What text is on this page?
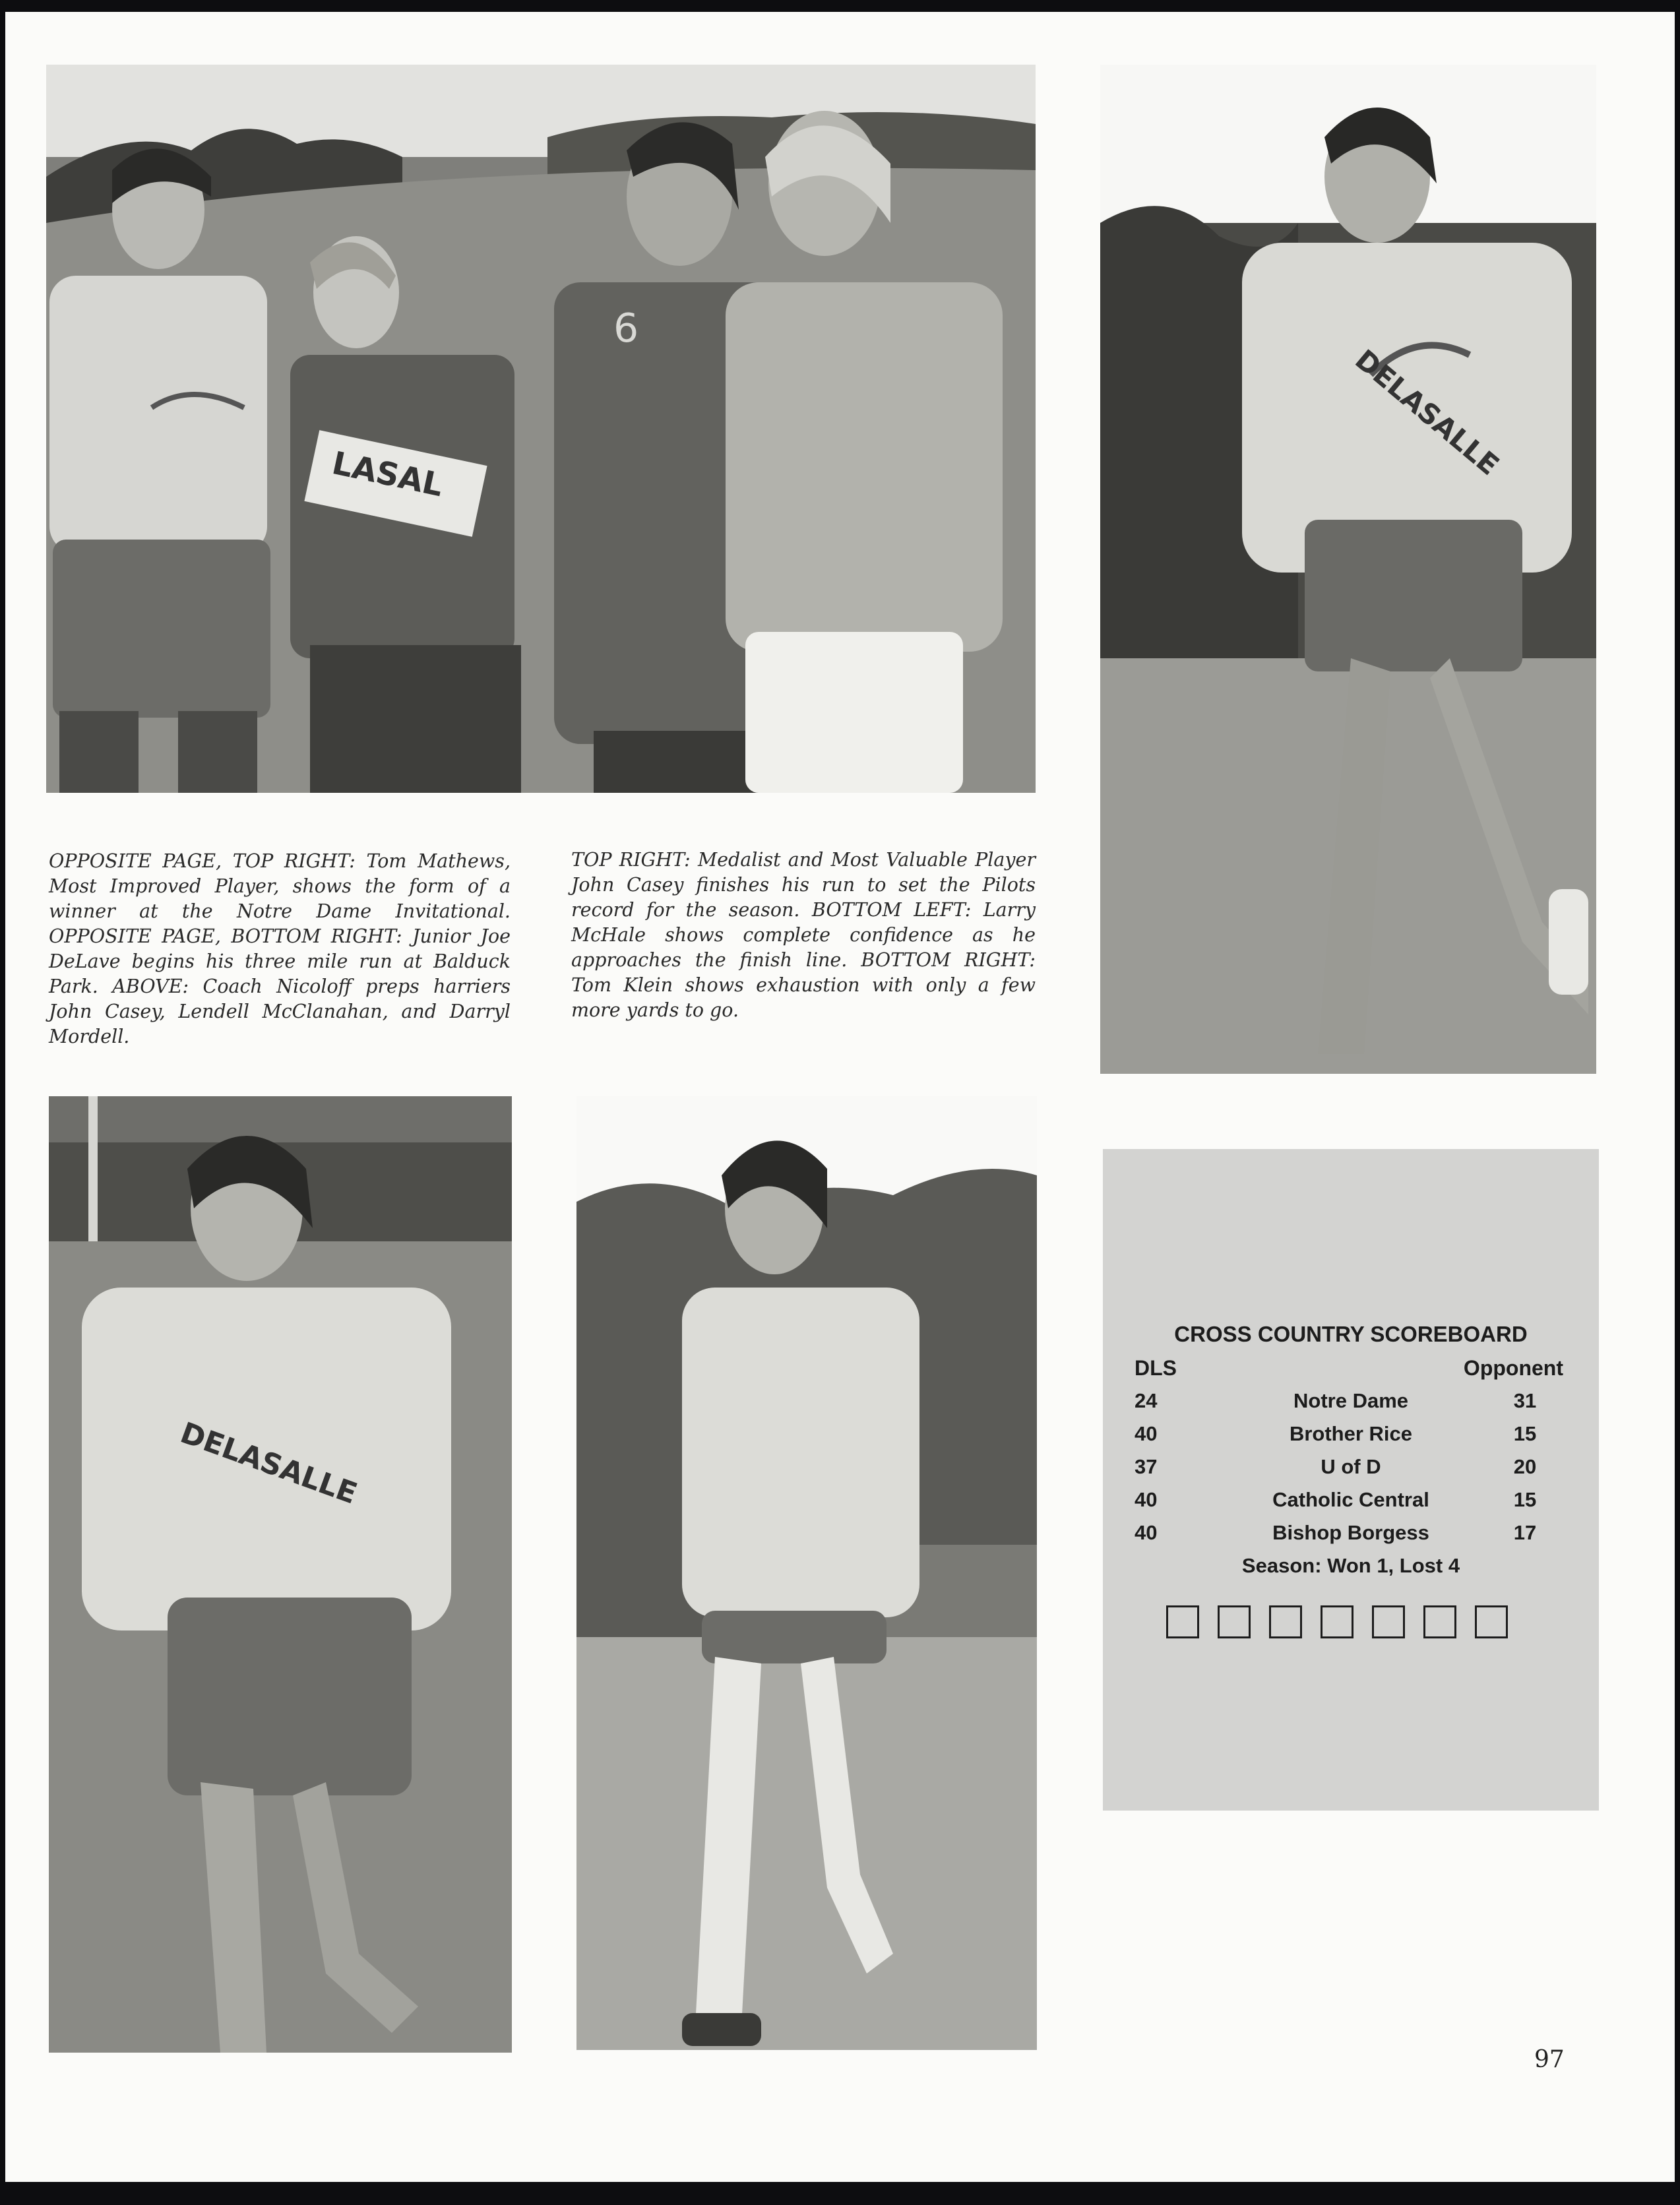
6
LASAL	DELASALLE

OPPOSITE PAGE, TOP RIGHT: Tom Mathews, Most Improved Player, shows the form of a winner at the Notre Dame Invitational. OPPOSITE PAGE, BOTTOM RIGHT: Junior Joe DeLave begins his three mile run at Balduck Park. ABOVE: Coach Nicoloff preps harriers John Casey, Lendell McClanahan, and Darryl Mordell.

TOP RIGHT: Medalist and Most Valuable Player John Casey finishes his run to set the Pilots record for the season. BOTTOM LEFT: Larry McHale shows complete confidence as he approaches the finish line. BOTTOM RIGHT: Tom Klein shows exhaustion with only a few more yards to go.

DELASALLE
CROSS COUNTRY SCOREBOARD
DLS	Opponent
24	Notre Dame	31
40	Brother Rice	15
37	U of D	20
40	Catholic Central	15
40	Bishop Borgess	17
Season: Won 1, Lost 4
97
